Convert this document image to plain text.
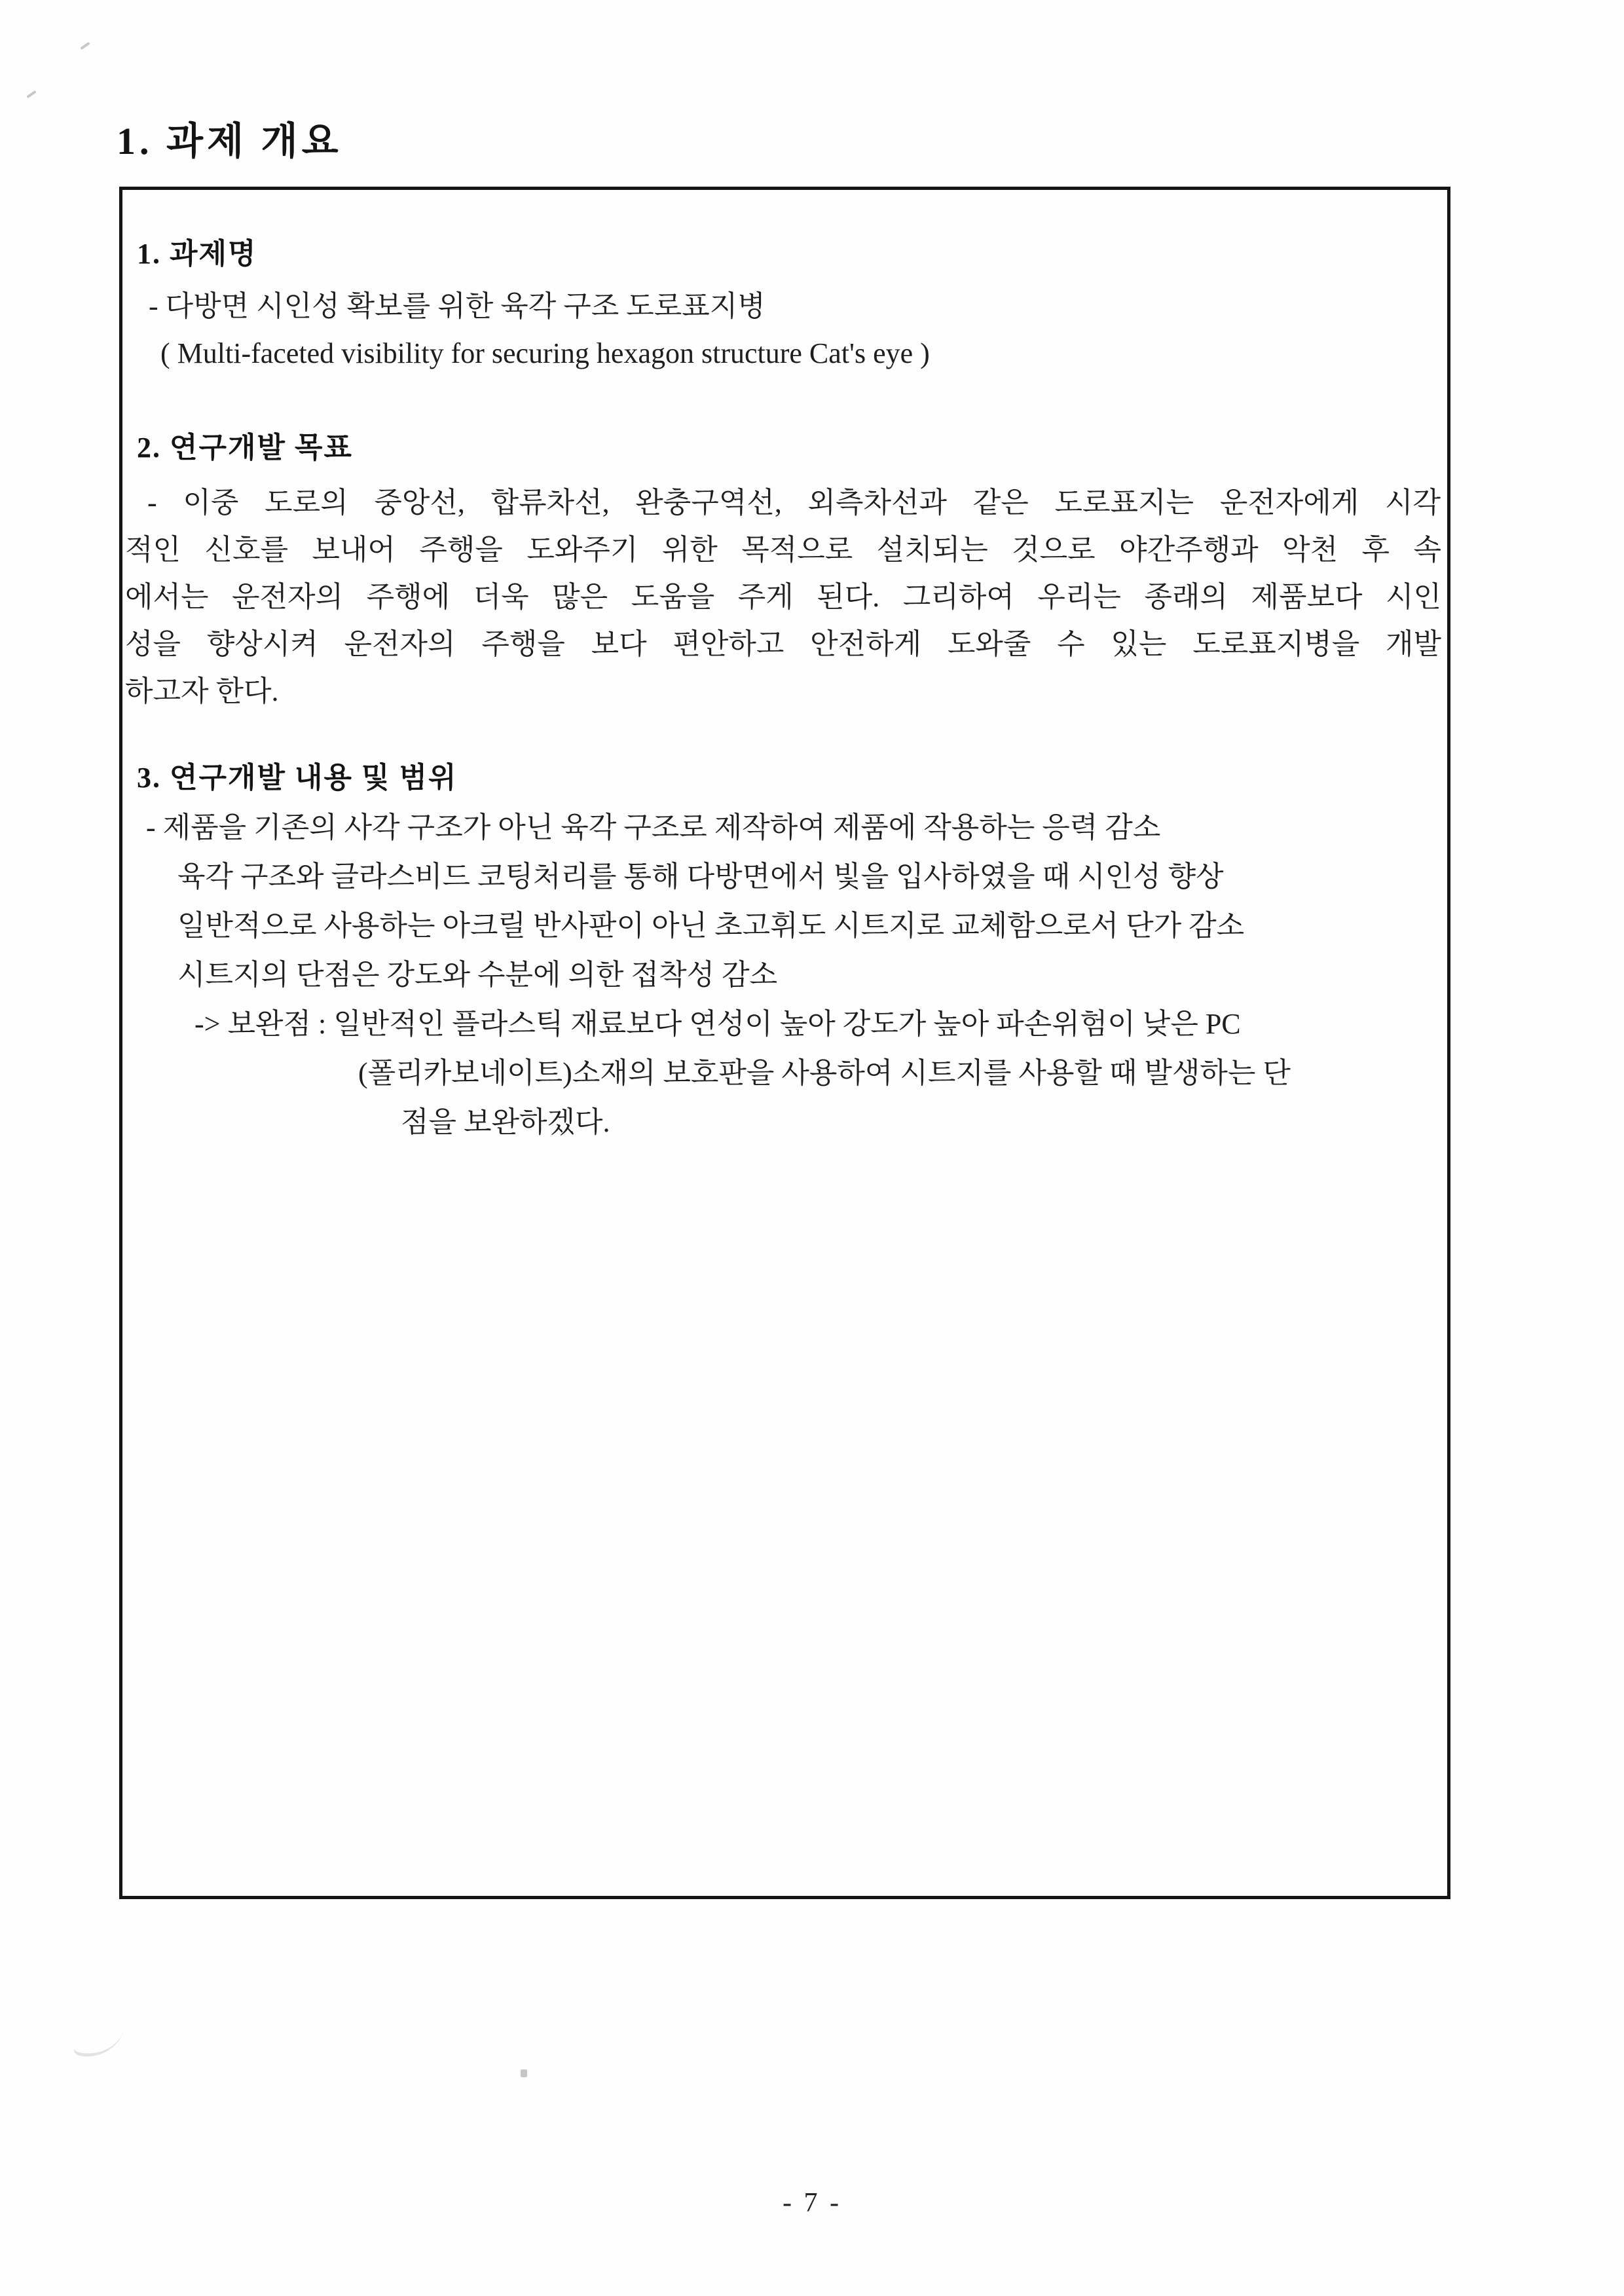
1. 과제 개요
1. 과제명
- 다방면 시인성 확보를 위한 육각 구조 도로표지병
( Multi-faceted visibility for securing hexagon structure Cat's eye )
2. 연구개발 목표
- 이중 도로의 중앙선, 합류차선, 완충구역선, 외측차선과 같은 도로표지는 운전자에게 시각
적인 신호를 보내어 주행을 도와주기 위한 목적으로 설치되는 것으로 야간주행과 악천 후 속
에서는 운전자의 주행에 더욱 많은 도움을 주게 된다. 그리하여 우리는 종래의 제품보다 시인
성을 향상시켜 운전자의 주행을 보다 편안하고 안전하게 도와줄 수 있는 도로표지병을 개발
하고자 한다.
3. 연구개발 내용 및 범위
- 제품을 기존의 사각 구조가 아닌 육각 구조로 제작하여 제품에 작용하는 응력 감소
육각 구조와 글라스비드 코팅처리를 통해 다방면에서 빛을 입사하였을 때 시인성 향상
일반적으로 사용하는 아크릴 반사판이 아닌 초고휘도 시트지로 교체함으로서 단가 감소
시트지의 단점은 강도와 수분에 의한 접착성 감소
-> 보완점 : 일반적인 플라스틱 재료보다 연성이 높아 강도가 높아 파손위험이 낮은 PC
(폴리카보네이트)소재의 보호판을 사용하여 시트지를 사용할 때 발생하는 단
점을 보완하겠다.
- 7 -
